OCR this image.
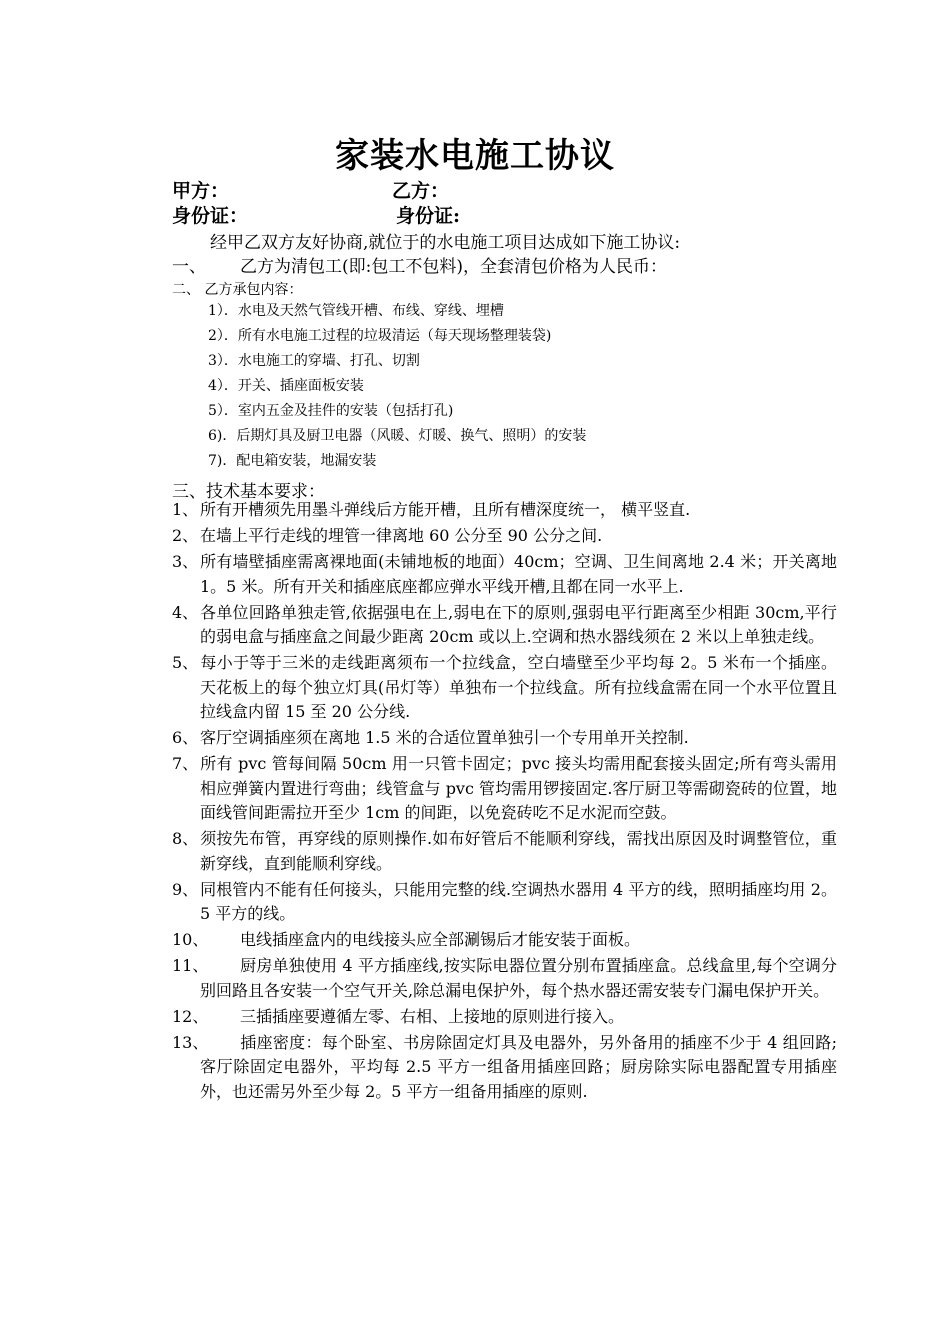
家装水电施工协议
甲方：	乙方：
身份证：	身份证:
经甲乙双方友好协商,就位于的水电施工项目达成如下施工协议:
一、 乙方为清包工(即:包工不包料)，全套清包价格为人民币：
二、 乙方承包内容：
1）．水电及天然气管线开槽、布线、穿线、埋槽
2）．所有水电施工过程的垃圾清运（每天现场整理装袋)
3）．水电施工的穿墙、打孔、切割
4）．开关、插座面板安装
5）．室内五金及挂件的安装（包括打孔)
6)．后期灯具及厨卫电器（风暖、灯暖、换气、照明）的安装
7)．配电箱安装，地漏安装
三、技术基本要求：
1、 所有开槽须先用墨斗弹线后方能开槽，且所有槽深度统一， 横平竖直.
2、 在墙上平行走线的埋管一律离地 60 公分至 90 公分之间.
3、 所有墙壁插座需离裸地面(未铺地板的地面）40cm；空调、卫生间离地 2.4 米；开关离地 1。5 米。所有开关和插座底座都应弹水平线开槽,且都在同一水平上.
4、 各单位回路单独走管,依据强电在上,弱电在下的原则,强弱电平行距离至少相距 30cm,平行的弱电盒与插座盒之间最少距离 20cm 或以上.空调和热水器线须在 2 米以上单独走线。
5、 每小于等于三米的走线距离须布一个拉线盒，空白墙壁至少平均每 2。5 米布一个插座。天花板上的每个独立灯具(吊灯等）单独布一个拉线盒。所有拉线盒需在同一个水平位置且拉线盒内留 15 至 20 公分线.
6、 客厅空调插座须在离地 1.5 米的合适位置单独引一个专用单开关控制.
7、 所有 pvc 管每间隔 50cm 用一只管卡固定；pvc 接头均需用配套接头固定;所有弯头需用相应弹簧内置进行弯曲；线管盒与 pvc 管均需用锣接固定.客厅厨卫等需砌瓷砖的位置，地面线管间距需拉开至少 1cm 的间距，以免瓷砖吃不足水泥而空鼓。
8、 须按先布管，再穿线的原则操作.如布好管后不能顺利穿线，需找出原因及时调整管位，重新穿线，直到能顺利穿线。
9、 同根管内不能有任何接头，只能用完整的线.空调热水器用 4 平方的线，照明插座均用 2。5 平方的线。
10、 电线插座盒内的电线接头应全部涮锡后才能安装于面板。
11、 厨房单独使用 4 平方插座线,按实际电器位置分别布置插座盒。总线盒里,每个空调分别回路且各安装一个空气开关,除总漏电保护外，每个热水器还需安装专门漏电保护开关。
12、 三插插座要遵循左零、右相、上接地的原则进行接入。
13、 插座密度：每个卧室、书房除固定灯具及电器外，另外备用的插座不少于 4 组回路;客厅除固定电器外，平均每 2.5 平方一组备用插座回路；厨房除实际电器配置专用插座外，也还需另外至少每 2。5 平方一组备用插座的原则.
